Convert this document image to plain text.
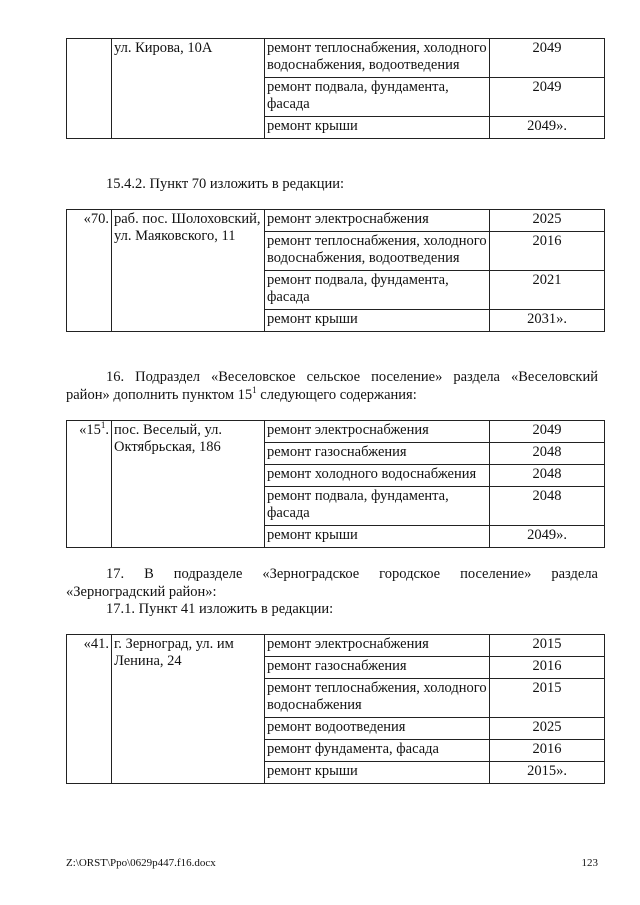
	ул. Кирова, 10А	ремонт теплоснабжения, холодного водоснабжения, водоотведения	2049
		ремонт подвала, фундамента, фасада	2049
		ремонт крыши	2049».
15.4.2. Пункт 70 изложить в редакции:
«70.	раб. пос. Шолоховский, ул. Маяковского, 11	ремонт электроснабжения	2025
		ремонт теплоснабжения, холодного водоснабжения, водоотведения	2016
		ремонт подвала, фундамента, фасада	2021
		ремонт крыши	2031».
16. Подраздел «Веселовское сельское поселение» раздела «Веселовский район» дополнить пунктом $15^1$ следующего содержания:
«$15^1$.	пос. Веселый, ул. Октябрьская, 186	ремонт электроснабжения	2049
		ремонт газоснабжения	2048
		ремонт холодного водоснабжения	2048
		ремонт подвала, фундамента, фасада	2048
		ремонт крыши	2049».
17. В подразделе «Зерноградское городское поселение» раздела «Зерноградский район»:
17.1. Пункт 41 изложить в редакции:
«41.	г. Зерноград, ул. им Ленина, 24	ремонт электроснабжения	2015
		ремонт газоснабжения	2016
		ремонт теплоснабжения, холодного водоснабжения	2015
		ремонт водоотведения	2025
		ремонт фундамента, фасада	2016
		ремонт крыши	2015».
Z:\ORST\Ppo\0629p447.f16.docx	123
